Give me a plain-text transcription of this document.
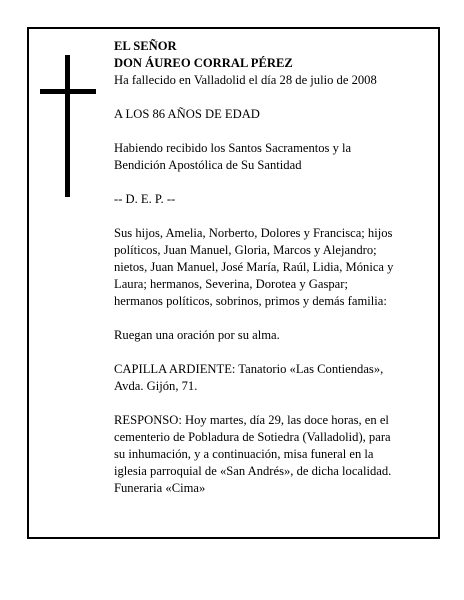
EL SEÑOR
DON ÁUREO CORRAL PÉREZ
Ha fallecido en Valladolid el día 28 de julio de 2008

A LOS 86 AÑOS DE EDAD

Habiendo recibido los Santos Sacramentos y la
Bendición Apostólica de Su Santidad

-- D. E. P. --

Sus hijos, Amelia, Norberto, Dolores y Francisca; hijos
políticos, Juan Manuel, Gloria, Marcos y Alejandro;
nietos, Juan Manuel, José María, Raúl, Lidia, Mónica y
Laura; hermanos, Severina, Dorotea y Gaspar;
hermanos políticos, sobrinos, primos y demás familia:

Ruegan una oración por su alma.

CAPILLA ARDIENTE: Tanatorio «Las Contiendas»,
Avda. Gijón, 71.

RESPONSO: Hoy martes, día 29, las doce horas, en el
cementerio de Pobladura de Sotiedra (Valladolid), para
su inhumación, y a continuación, misa funeral en la
iglesia parroquial de «San Andrés», de dicha localidad.
Funeraria «Cima»
